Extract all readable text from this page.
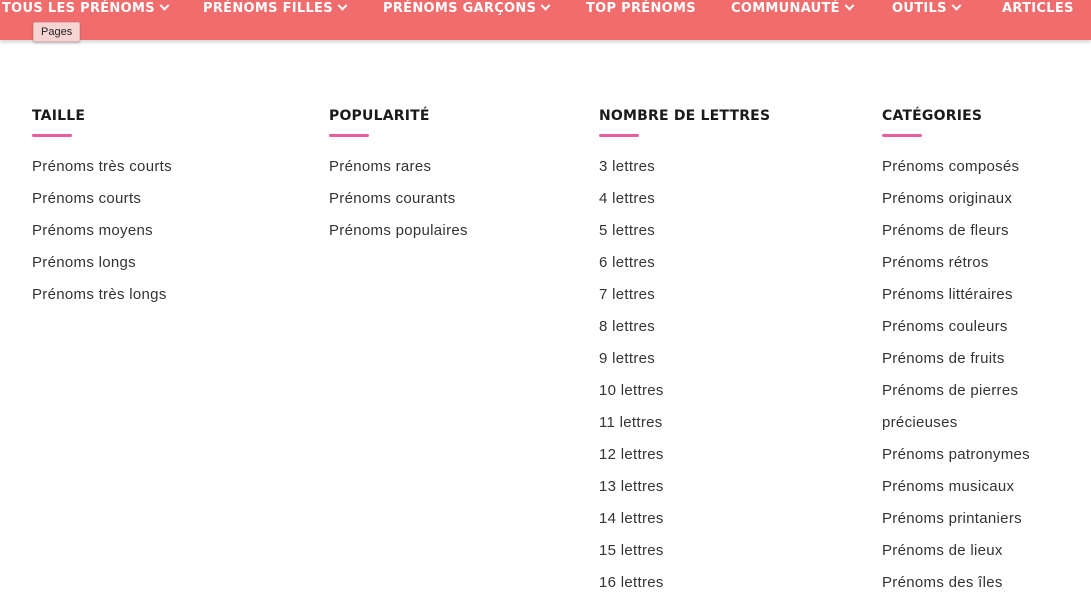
TOUS LES PRÉNOMS	PRÉNOMS FILLES	PRÉNOMS GARÇONS	TOP PRÉNOMS	COMMUNAUTÉ	OUTILS	ARTICLES
Pages
TAILLE
Prénoms très courts
Prénoms courts
Prénoms moyens
Prénoms longs
Prénoms très longs
POPULARITÉ
Prénoms rares
Prénoms courants
Prénoms populaires
NOMBRE DE LETTRES
3 lettres
4 lettres
5 lettres
6 lettres
7 lettres
8 lettres
9 lettres
10 lettres
11 lettres
12 lettres
13 lettres
14 lettres
15 lettres
16 lettres
CATÉGORIES
Prénoms composés
Prénoms originaux
Prénoms de fleurs
Prénoms rétros
Prénoms littéraires
Prénoms couleurs
Prénoms de fruits
Prénoms de pierres
précieuses
Prénoms patronymes
Prénoms musicaux
Prénoms printaniers
Prénoms de lieux
Prénoms des îles
